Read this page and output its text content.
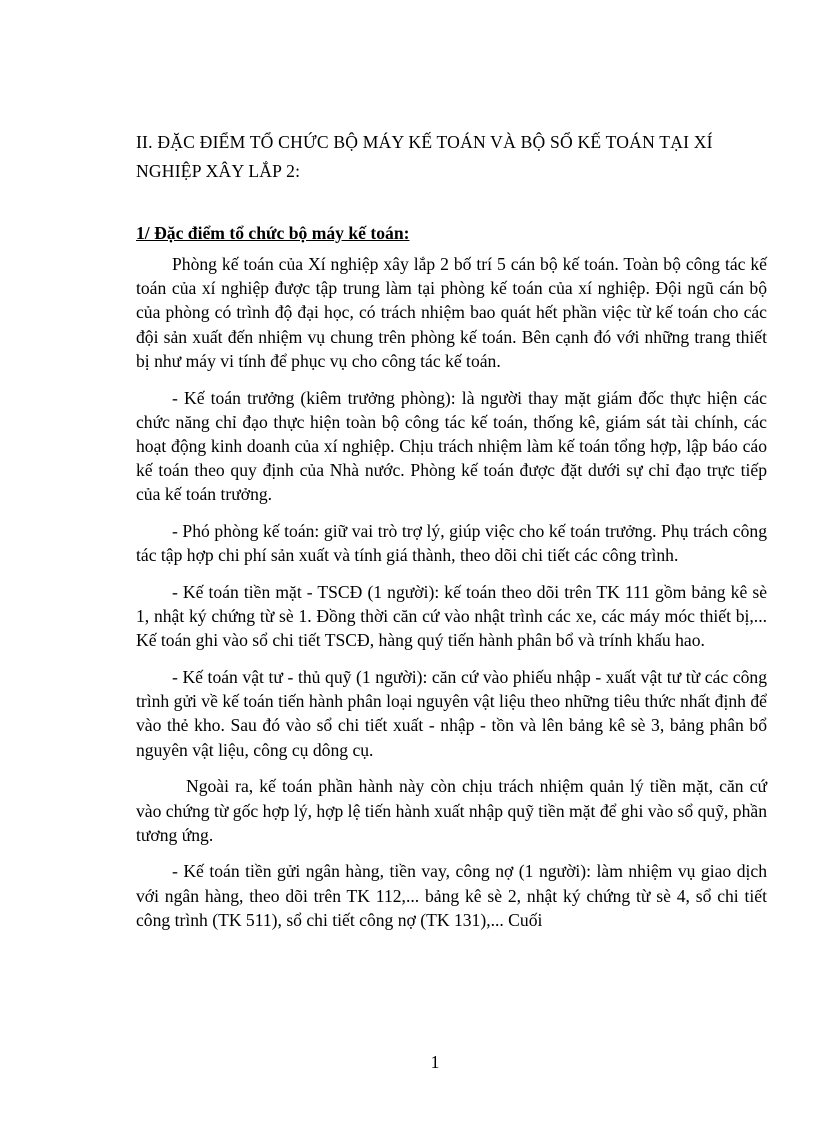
II. ĐẶC ĐIỂM TỔ CHỨC BỘ MÁY KẾ TOÁN VÀ BỘ SỔ KẾ TOÁN TẠI XÍ NGHIỆP XÂY LẮP 2:

1/ Đặc điểm tổ chức bộ máy kế toán:

Phòng kế toán của Xí nghiệp xây lắp 2 bố trí 5 cán bộ kế toán. Toàn bộ công tác kế toán của xí nghiệp được tập trung làm tại phòng kế toán của xí nghiệp. Đội ngũ cán bộ của phòng có trình độ đại học, có trách nhiệm bao quát hết phần việc từ kế toán cho các đội sản xuất đến nhiệm vụ chung trên phòng kế toán. Bên cạnh đó với những trang thiết bị như máy vi tính để phục vụ cho công tác kế toán.

- Kế toán trưởng (kiêm trưởng phòng): là người thay mặt giám đốc thực hiện các chức năng chỉ đạo thực hiện toàn bộ công tác kế toán, thống kê, giám sát tài chính, các hoạt động kinh doanh của xí nghiệp. Chịu trách nhiệm làm kế toán tổng hợp, lập báo cáo kế toán theo quy định của Nhà nước. Phòng kế toán được đặt dưới sự chỉ đạo trực tiếp của kế toán trưởng.

- Phó phòng kế toán: giữ vai trò trợ lý, giúp việc cho kế toán trưởng. Phụ trách công tác tập hợp chi phí sản xuất và tính giá thành, theo dõi chi tiết các công trình.

- Kế toán tiền mặt - TSCĐ (1 người): kế toán theo dõi trên TK 111 gồm bảng kê sè 1, nhật ký chứng từ sè 1. Đồng thời căn cứ vào nhật trình các xe, các máy móc thiết bị,... Kế toán ghi vào sổ chi tiết TSCĐ, hàng quý tiến hành phân bổ và trính khấu hao.

- Kế toán vật tư - thủ quỹ (1 người): căn cứ vào phiếu nhập - xuất vật tư từ các công trình gửi về kế toán tiến hành phân loại nguyên vật liệu theo những tiêu thức nhất định để vào thẻ kho. Sau đó vào sổ chi tiết xuất - nhập - tồn và lên bảng kê sè 3, bảng phân bổ nguyên vật liệu, công cụ dông cụ.

Ngoài ra, kế toán phần hành này còn chịu trách nhiệm quản lý tiền mặt, căn cứ vào chứng từ gốc hợp lý, hợp lệ tiến hành xuất nhập quỹ tiền mặt để ghi vào sổ quỹ, phần tương ứng.

- Kế toán tiền gửi ngân hàng, tiền vay, công nợ (1 người): làm nhiệm vụ giao dịch với ngân hàng, theo dõi trên TK 112,... bảng kê sè 2, nhật ký chứng từ sè 4, sổ chi tiết công trình (TK 511), sổ chi tiết công nợ (TK 131),... Cuối

1
